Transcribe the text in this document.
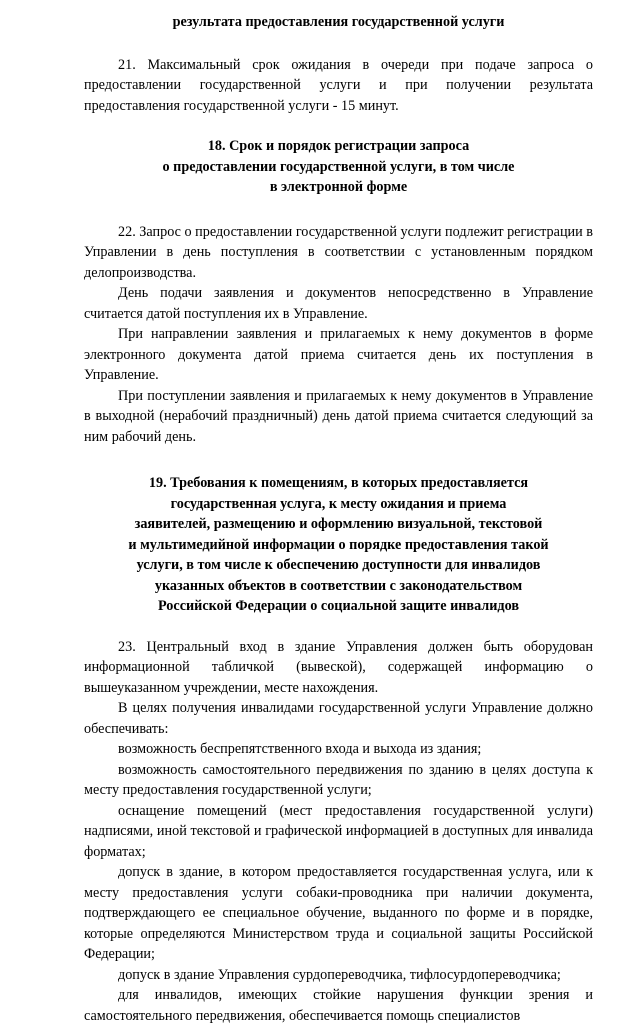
результата предоставления государственной услуги

21. Максимальный срок ожидания в очереди при подаче запроса о предоставлении государственной услуги и при получении результата предоставления государственной услуги - 15 минут.

18. Срок и порядок регистрации запроса
о предоставлении государственной услуги, в том числе
в электронной форме

22. Запрос о предоставлении государственной услуги подлежит регистрации в Управлении в день поступления в соответствии с установленным порядком делопроизводства.

День подачи заявления и документов непосредственно в Управление считается датой поступления их в Управление.

При направлении заявления и прилагаемых к нему документов в форме электронного документа датой приема считается день их поступления в Управление.

При поступлении заявления и прилагаемых к нему документов в Управление в выходной (нерабочий праздничный) день датой приема считается следующий за ним рабочий день.

19. Требования к помещениям, в которых предоставляется
государственная услуга, к месту ожидания и приема
заявителей, размещению и оформлению визуальной, текстовой
и мультимедийной информации о порядке предоставления такой
услуги, в том числе к обеспечению доступности для инвалидов
указанных объектов в соответствии с законодательством
Российской Федерации о социальной защите инвалидов

23. Центральный вход в здание Управления должен быть оборудован информационной табличкой (вывеской), содержащей информацию о вышеуказанном учреждении, месте нахождения.

В целях получения инвалидами государственной услуги Управление должно обеспечивать:

возможность беспрепятственного входа и выхода из здания;

возможность самостоятельного передвижения по зданию в целях доступа к месту предоставления государственной услуги;

оснащение помещений (мест предоставления государственной услуги) надписями, иной текстовой и графической информацией в доступных для инвалида форматах;

допуск в здание, в котором предоставляется государственная услуга, или к месту предоставления услуги собаки-проводника при наличии документа, подтверждающего ее специальное обучение, выданного по форме и в порядке, которые определяются Министерством труда и социальной защиты Российской Федерации;

допуск в здание Управления сурдопереводчика, тифлосурдопереводчика;

для инвалидов, имеющих стойкие нарушения функции зрения и самостоятельного передвижения, обеспечивается помощь специалистов
